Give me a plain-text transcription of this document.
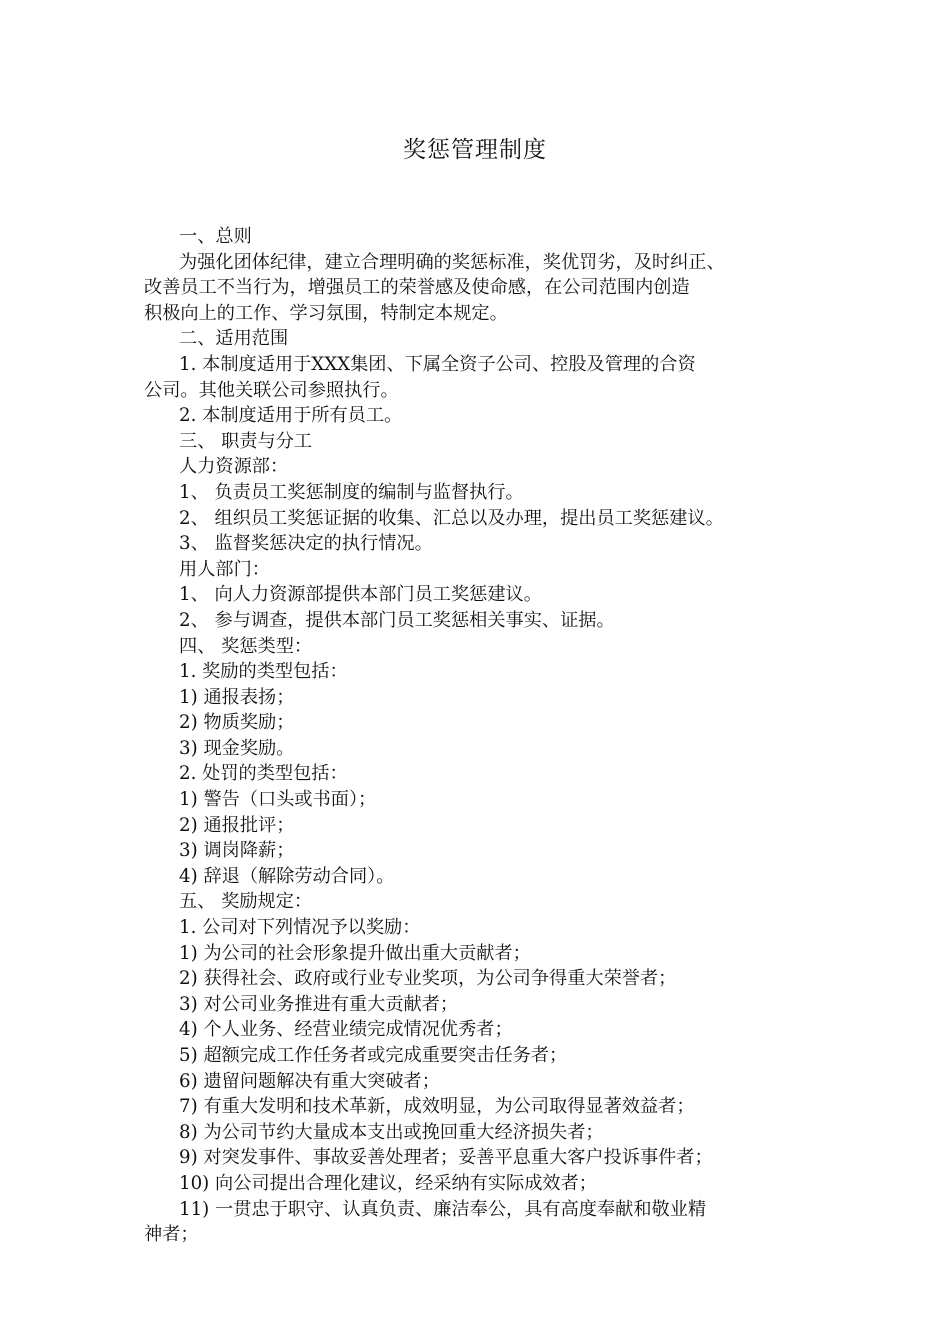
奖惩管理制度
一、总则
为强化团体纪律，建立合理明确的奖惩标准，奖优罚劣，及时纠正、
改善员工不当行为，增强员工的荣誉感及使命感，在公司范围内创造
积极向上的工作、学习氛围，特制定本规定。
二、适用范围
1. 本制度适用于XXX集团、下属全资子公司、控股及管理的合资
公司。其他关联公司参照执行。
2. 本制度适用于所有员工。
三、 职责与分工
人力资源部：
1、 负责员工奖惩制度的编制与监督执行。
2、 组织员工奖惩证据的收集、汇总以及办理，提出员工奖惩建议。
3、 监督奖惩决定的执行情况。
用人部门：
1、 向人力资源部提供本部门员工奖惩建议。
2、 参与调查，提供本部门员工奖惩相关事实、证据。
四、 奖惩类型：
1. 奖励的类型包括：
1) 通报表扬；
2) 物质奖励；
3) 现金奖励。
2. 处罚的类型包括：
1) 警告（口头或书面）；
2) 通报批评；
3) 调岗降薪；
4) 辞退（解除劳动合同）。
五、 奖励规定：
1. 公司对下列情况予以奖励：
1) 为公司的社会形象提升做出重大贡献者；
2) 获得社会、政府或行业专业奖项，为公司争得重大荣誉者；
3) 对公司业务推进有重大贡献者；
4) 个人业务、经营业绩完成情况优秀者；
5) 超额完成工作任务者或完成重要突击任务者；
6) 遗留问题解决有重大突破者；
7) 有重大发明和技术革新，成效明显，为公司取得显著效益者；
8) 为公司节约大量成本支出或挽回重大经济损失者；
9) 对突发事件、事故妥善处理者；妥善平息重大客户投诉事件者；
10) 向公司提出合理化建议，经采纳有实际成效者；
11) 一贯忠于职守、认真负责、廉洁奉公，具有高度奉献和敬业精
神者；
